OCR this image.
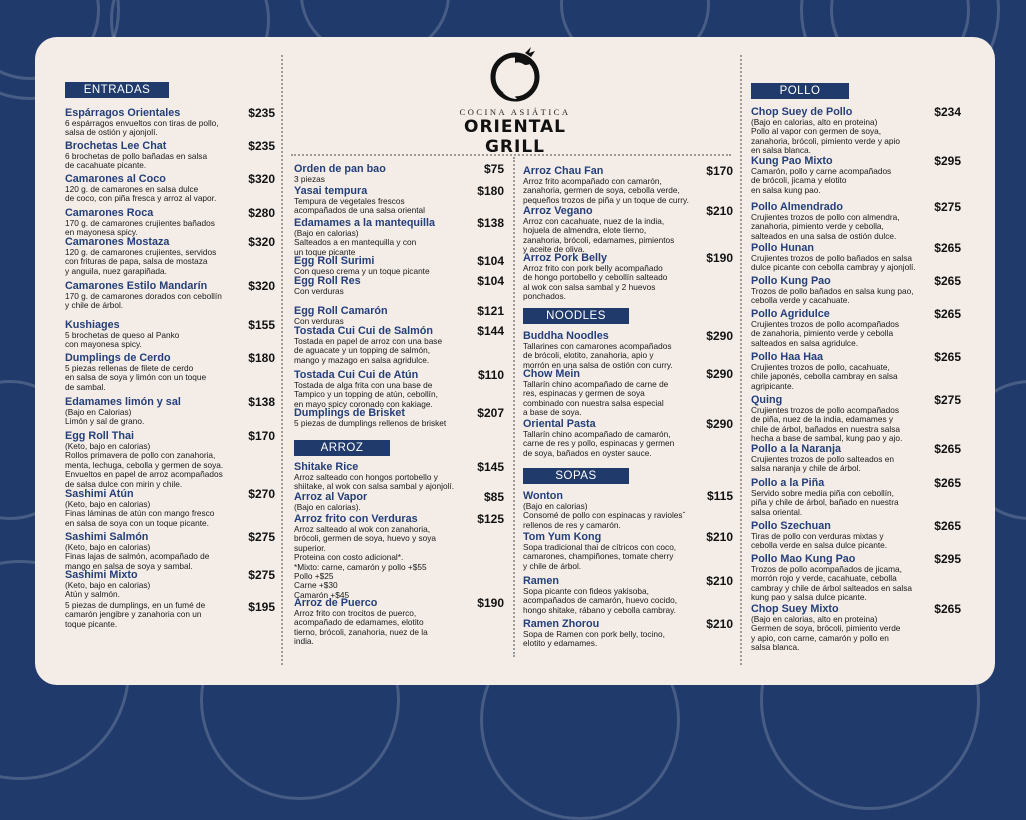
COCINA ASIÁTICA
ORIENTAL GRILL
ENTRADAS
ARROZ
NOODLES
SOPAS
POLLO
Espárragos Orientales
6 espárragos envueltos con tiras de pollo,
salsa de ostión y ajonjolí.
$235
Brochetas Lee Chat
6 brochetas de pollo bañadas en salsa
de cacahuate picante.
$235
Camarones al Coco
120 g. de camarones en salsa dulce
de coco, con piña fresca y arroz al vapor.
$320
Camarones Roca
170 g. de camarones crujientes bañados
en mayonesa spicy.
$280
Camarones Mostaza
120 g. de camarones crujientes, servidos
con frituras de papa, salsa de mostaza
y anguila, nuez garapiñada.
$320
Camarones Estilo Mandarín
170 g. de camarones dorados con cebollín
y chile de árbol.
$320
Kushiages
5 brochetas de queso al Panko
con mayonesa spicy.
$155
Dumplings de Cerdo
5 piezas rellenas de filete de cerdo
en salsa de soya y limón con un toque
de sambal.
$180
Edamames limón y sal
(Bajo en Calorias)
Limón y sal de grano.
$138
Egg Roll Thai
(Keto, bajo en calorias)
Rollos primavera de pollo con zanahoria,
menta, lechuga, cebolla y germen de soya.
Envueltos en papel de arroz acompañados
de salsa dulce con mirin y chile.
$170
Sashimi Atún
(Keto, bajo en calorias)
Finas láminas de atún con mango fresco
en salsa de soya con un toque picante.
$270
Sashimi Salmón
(Keto, bajo en calorias)
Finas lajas de salmón, acompañado de
mango en salsa de soya y sambal.
$275
Sashimi Mixto
(Keto, bajo en calorias)
Atún y salmón.
$275
5 piezas de dumplings, en un fumé de
camarón jengibre y zanahoria con un
toque picante.
$195
Orden de pan bao
3 piezas
$75
Yasai tempura
Tempura de vegetales frescos
acompañados de una salsa oriental
$180
Edamames a la mantequilla
(Bajo en calorias)
Salteados a en mantequilla y con
un toque picante
$138
Egg Roll Surimi
Con queso crema y un toque picante
$104
Egg Roll Res
Con verduras
$104
Egg Roll Camarón
Con verduras
$121
Tostada Cui Cui de Salmón
Tostada en papel de arroz con una base
de aguacate y un topping de salmón,
mango y mazago en salsa agridulce.
$144
Tostada Cui Cui de Atún
Tostada de alga frita con una base de
Tampico y un topping de atún, cebollín,
en mayo spicy coronado con kakiage.
$110
Dumplings de Brisket
5 piezas de dumplings rellenos de brisket
$207
Shitake Rice
Arroz salteado con hongos portobello y
shiitake, al wok con salsa sambal y ajonjolí.
$145
Arroz al Vapor
(Bajo en calorias).
$85
Arroz frito con Verduras
Arroz salteado al wok con zanahoria,
brócoli, germen de soya, huevo y soya
superior.
Proteina con costo adicional*.
*Mixto: carne, camarón y pollo +$55
Pollo +$25
Carne +$30
Camarón +$45
$125
Arroz de Puerco
Arroz frito con trocitos de puerco,
acompañado de edamames, elotito
tierno, brócoli, zanahoria, nuez de la
india.
$190
Arroz Chau Fan
Arroz frito acompañado con camarón,
zanahoria, germen de soya, cebolla verde,
pequeños trozos de piña y un toque de curry.
$170
Arroz Vegano
Arroz con cacahuate, nuez de la india,
hojuela de almendra, elote tierno,
zanahoria, brócoli, edamames, pimientos
y aceite de oliva.
$210
Arroz Pork Belly
Arroz frito con pork belly acompañado
de hongo portobello y cebollín salteado
al wok con salsa sambal y 2 huevos
ponchados.
$190
Buddha Noodles
Tallarines con camarones acompañados
de brócoli, elotito, zanahoria, apio y
morrón en una salsa de ostión con curry.
$290
Chow Mein
Tallarín chino acompañado de carne de
res, espinacas y germen de soya
combinado con nuestra salsa especial
a base de soya.
$290
Oriental Pasta
Tallarín chino acompañado de camarón,
carne de res y pollo, espinacas y germen
de soya, bañados en oyster sauce.
$290
Wonton
(Bajo en calorias)
Consomé de pollo con espinacas y raviolesˇ
rellenos de res y camarón.
$115
Tom Yum Kong
Sopa tradicional thai de cítricos con coco,
camarones, champiñones, tomate cherry
y chile de árbol.
$210
Ramen
Sopa picante con fideos yakisoba,
acompañados de camarón, huevo cocido,
hongo shitake, rábano y cebolla cambray.
$210
Ramen Zhorou
Sopa de Ramen con pork belly, tocino,
elotito y edamames.
$210
Chop Suey de Pollo
(Bajo en calorias, alto en proteina)
Pollo al vapor con germen de soya,
zanahoria, brócoli, pimiento verde y apio
en salsa blanca.
$234
Kung Pao Mixto
Camarón, pollo y carne acompañados
de brócoli, jicama y elotito
en salsa kung pao.
$295
Pollo Almendrado
Crujientes trozos de pollo con almendra,
zanahoria, pimiento verde y cebolla,
salteados en una salsa de ostión dulce.
$275
Pollo Hunan
Crujientes trozos de pollo bañados en salsa
dulce picante con cebolla cambray y ajonjolí.
$265
Pollo Kung Pao
Trozos de pollo bañados en salsa kung pao,
cebolla verde y cacahuate.
$265
Pollo Agridulce
Crujientes trozos de pollo acompañados
de zanahoria, pimiento verde y cebolla
salteados en salsa agridulce.
$265
Pollo Haa Haa
Crujientes trozos de pollo, cacahuate,
chile japonés, cebolla cambray en salsa
agripicante.
$265
Quing
Crujientes trozos de pollo acompañados
de piña, nuez de la india, edamames y
chile de árbol, bañados en nuestra salsa
hecha a base de sambal, kung pao y ajo.
$275
Pollo a la Naranja
Crujientes trozos de pollo salteados en
salsa naranja y chile de árbol.
$265
Pollo a la Piña
Servido sobre media piña con cebollín,
piña y chile de árbol, bañado en nuestra
salsa oriental.
$265
Pollo Szechuan
Tiras de pollo con verduras mixtas y
cebolla verde en salsa dulce picante.
$265
Pollo Mao Kung Pao
Trozos de pollo acompañados de jicama,
morrón rojo y verde, cacahuate, cebolla
cambray y chile de árbol salteados en salsa
kung pao y salsa dulce picante.
$295
Chop Suey Mixto
(Bajo en calorias, alto en proteina)
Germen de soya, brócoli, pimiento verde
y apio, con carne, camarón y pollo en
salsa blanca.
$265
